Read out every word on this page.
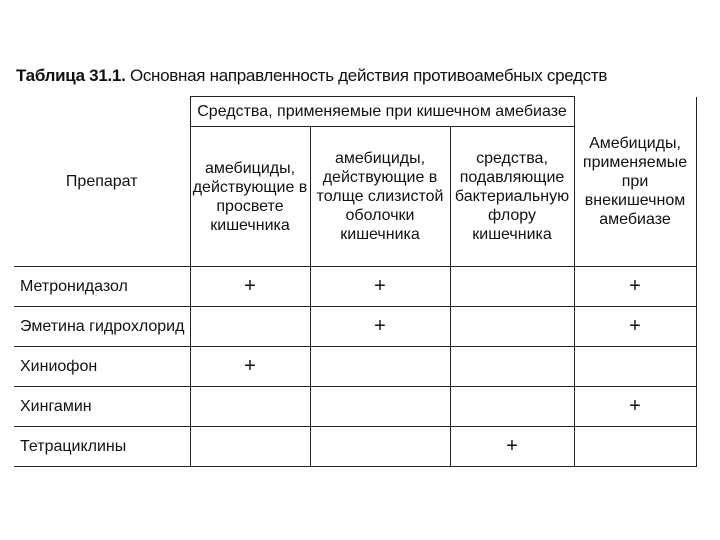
Таблица 31.1. Основная направленность действия противоамебных средств
Препарат	Средства, применяемые при кишечном амебиазе			Амебициды, применяемые при внекишечном амебиазе
	амебициды, действующие в просвете кишечника	амебициды, действующие в толще слизистой оболочки кишечника	средства, подавляющие бактериальную флору кишечника	
Метронидазол	+	+		+
Эметина гидрохлорид		+		+
Хиниофон	+			
Хингамин				+
Тетрациклины			+	
